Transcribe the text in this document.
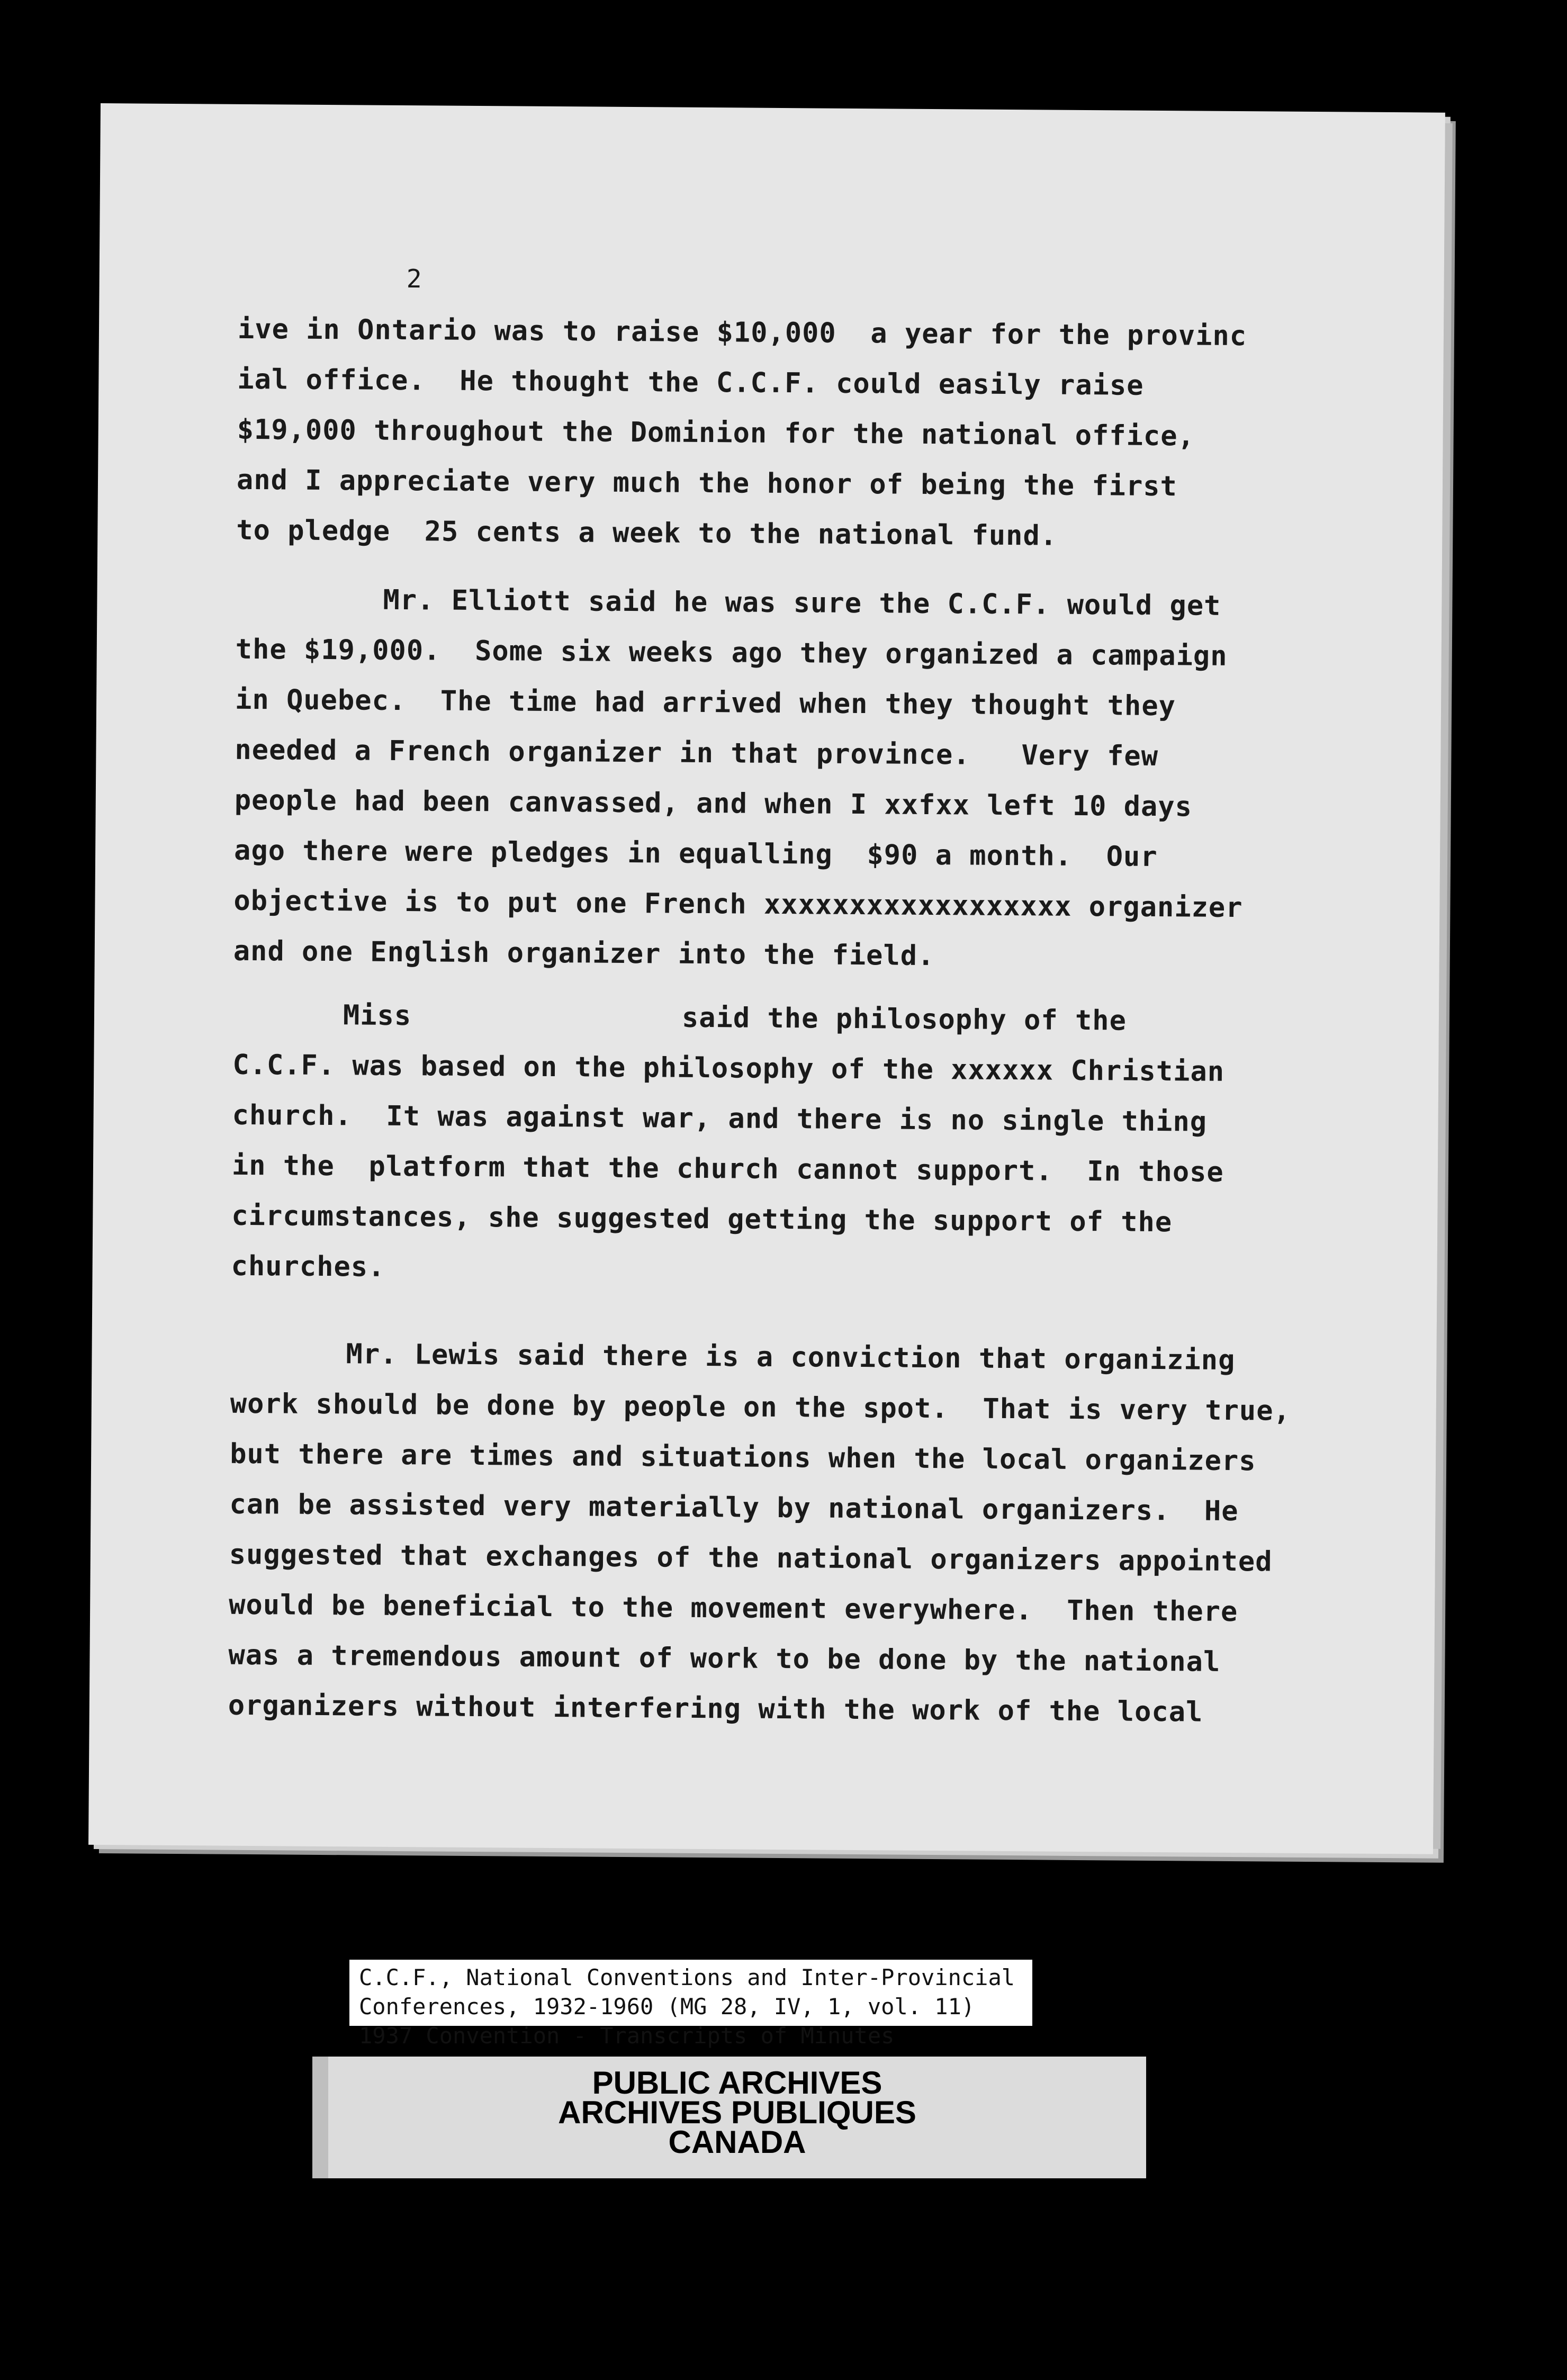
2
ive in Ontario was to raise $10,000  a year for the provinc
ial office.  He thought the C.C.F. could easily raise
$19,000 throughout the Dominion for the national office,
and I appreciate very much the honor of being the first
to pledge  25 cents a week to the national fund.
Mr. Elliott said he was sure the C.C.F. would get
the $19,000.  Some six weeks ago they organized a campaign
in Quebec.  The time had arrived when they thought they
needed a French organizer in that province.   Very few
people had been canvassed, and when I xxfxx left 10 days
ago there were pledges in equalling  $90 a month.  Our
objective is to put one French xxxxxxxxxxxxxxxxxx organizer
and one English organizer into the field.
Miss	said the philosophy of the
C.C.F. was based on the philosophy of the xxxxxx Christian
church.  It was against war, and there is no single thing
in the  platform that the church cannot support.  In those
circumstances, she suggested getting the support of the
churches.
Mr. Lewis said there is a conviction that organizing
work should be done by people on the spot.  That is very true,
but there are times and situations when the local organizers
can be assisted very materially by national organizers.  He
suggested that exchanges of the national organizers appointed
would be beneficial to the movement everywhere.  Then there
was a tremendous amount of work to be done by the national
organizers without interfering with the work of the local
C.C.F., National Conventions and Inter-Provincial
Conferences, 1932-1960 (MG 28, IV, 1, vol. 11)
1937 Convention - Transcripts of Minutes
PUBLIC ARCHIVES
ARCHIVES PUBLIQUES
CANADA
